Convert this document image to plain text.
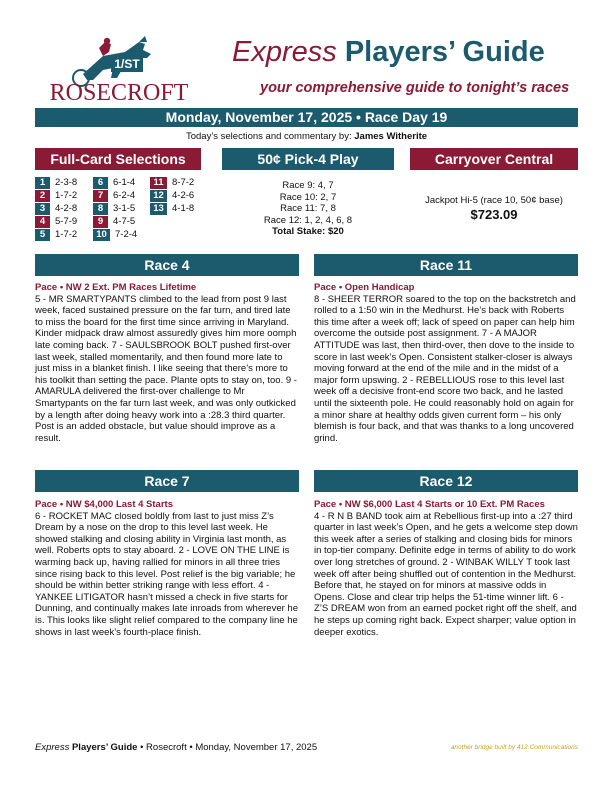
1/ST
ROSECROFT
Express Players’ Guide
your comprehensive guide to tonight’s races
Monday, November 17, 2025 • Race Day 19
Today’s selections and commentary by: James Witherite
Full-Card Selections	50¢ Pick-4 Play	Carryover Central
1 2-3-8
2 1-7-2
3 4-2-8
4 5-7-9
5 1-7-2
6 6-1-4
7 6-2-4
8 3-1-5
9 4-7-5
10 7-2-4
11 8-7-2
12 4-2-6
13 4-1-8
Race 9: 4, 7
Race 10: 2, 7
Race 11: 7, 8
Race 12: 1, 2, 4, 6, 8
Total Stake: $20
Jackpot Hi-5 (race 10, 50¢ base)
$723.09
Race 4	Race 11
Race 7	Race 12
Pace • NW 2 Ext. PM Races Lifetime
5 - MR SMARTYPANTS climbed to the lead from post 9 last week, faced sustained pressure on the far turn, and tired late to miss the board for the first time since arriving in Maryland. Kinder midpack draw almost assuredly gives him more oomph late coming back. 7 - SAULSBROOK BOLT pushed first-over last week, stalled momentarily, and then found more late to just miss in a blanket finish. I like seeing that there’s more to his toolkit than setting the pace. Plante opts to stay on, too. 9 - AMARULA delivered the first-over challenge to Mr Smartypants on the far turn last week, and was only outkicked by a length after doing heavy work into a :28.3 third quarter. Post is an added obstacle, but value should improve as a result.
Pace • Open Handicap
8 - SHEER TERROR soared to the top on the backstretch and rolled to a 1:50 win in the Medhurst. He’s back with Roberts this time after a week off; lack of speed on paper can help him overcome the outside post assignment. 7 - A MAJOR ATTITUDE was last, then third-over, then dove to the inside to score in last week’s Open. Consistent stalker-closer is always moving forward at the end of the mile and in the midst of a major form upswing. 2 - REBELLIOUS rose to this level last week off a decisive front-end score two back, and he lasted until the sixteenth pole. He could reasonably hold on again for a minor share at healthy odds given current form – his only blemish is four back, and that was thanks to a long uncovered grind.
Pace • NW $4,000 Last 4 Starts
6 - ROCKET MAC closed boldly from last to just miss Z’s Dream by a nose on the drop to this level last week. He showed stalking and closing ability in Virginia last month, as well. Roberts opts to stay aboard. 2 - LOVE ON THE LINE is warming back up, having rallied for minors in all three tries since rising back to this level. Post relief is the big variable; he should be within better striking range with less effort. 4 - YANKEE LITIGATOR hasn’t missed a check in five starts for Dunning, and continually makes late inroads from wherever he is. This looks like slight relief compared to the company line he shows in last week’s fourth-place finish.
Pace • NW $6,000 Last 4 Starts or 10 Ext. PM Races
4 - R N B BAND took aim at Rebellious first-up into a :27 third quarter in last week’s Open, and he gets a welcome step down this week after a series of stalking and closing bids for minors in top-tier company. Definite edge in terms of ability to do work over long stretches of ground. 2 - WINBAK WILLY T took last week off after being shuffled out of contention in the Medhurst. Before that, he stayed on for minors at massive odds in Opens. Close and clear trip helps the 51-time winner lift. 6 - Z’S DREAM won from an earned pocket right off the shelf, and he steps up coming right back. Expect sharper; value option in deeper exotics.
Express Players’ Guide • Rosecroft • Monday, November 17, 2025	another bridge built by 412 Communications
